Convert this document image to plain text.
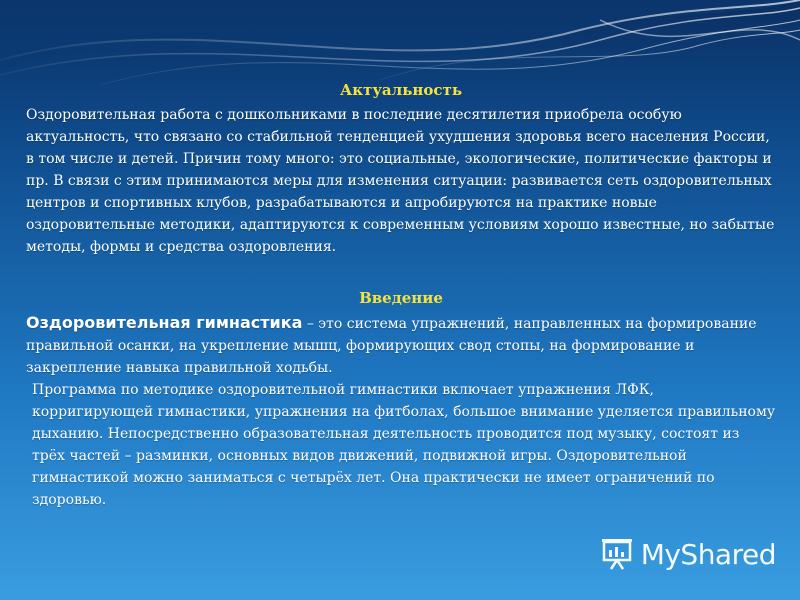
Актуальность

Оздоровительная работа с дошкольниками в последние десятилетия приобрела особую актуальность, что связано со стабильной тенденцией ухудшения здоровья всего населения России, в том числе и детей. Причин тому много: это социальные, экологические, политические факторы и пр. В связи с этим принимаются меры для изменения ситуации: развивается сеть оздоровительных центров и спортивных клубов, разрабатываются и апробируются на практике новые оздоровительные методики, адаптируются к современным условиям хорошо известные, но забытые методы, формы и средства оздоровления.

Введение

Оздоровительная гимнастика – это система упражнений, направленных на формирование правильной осанки, на укрепление мышц, формирующих свод стопы, на формирование и закрепление навыка правильной ходьбы.

Программа по методике оздоровительной гимнастики включает упражнения ЛФК, корригирующей гимнастики, упражнения на фитболах, большое внимание уделяется правильному дыханию. Непосредственно образовательная деятельность проводится под музыку, состоят из трёх частей – разминки, основных видов движений, подвижной игры. Оздоровительной гимнастикой можно заниматься с четырёх лет. Она практически не имеет ограничений по здоровью.

MyShared
